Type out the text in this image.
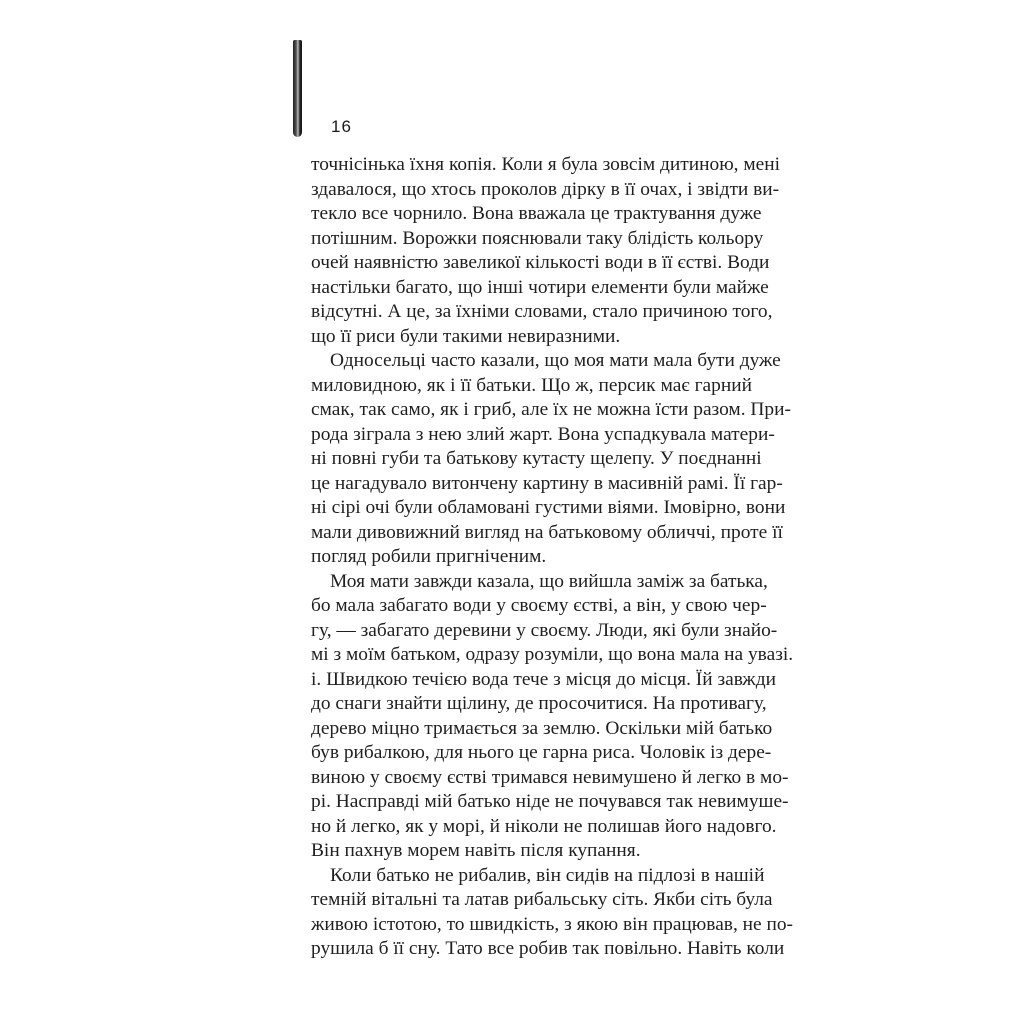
16
точнісінька їхня копія. Коли я була зовсім дитиною, мені
здавалося, що хтось проколов дірку в її очах, і звідти ви-
текло все чорнило. Вона вважала це трактування дуже
потішним. Ворожки пояснювали таку блідість кольору
очей наявністю завеликої кількості води в її єстві. Води
настільки багато, що інші чотири елементи були майже
відсутні. А це, за їхніми словами, стало причиною того,
що її риси були такими невиразними.
Односельці часто казали, що моя мати мала бути дуже
миловидною, як і її батьки. Що ж, персик має гарний
смак, так само, як і гриб, але їх не можна їсти разом. При-
рода зіграла з нею злий жарт. Вона успадкувала матери-
ні повні губи та батькову кутасту щелепу. У поєднанні
це нагадувало витончену картину в масивній рамі. Її гар-
ні сірі очі були обламовані густими віями. Імовірно, вони
мали дивовижний вигляд на батьковому обличчі, проте її
погляд робили пригніченим.
Моя мати завжди казала, що вийшла заміж за батька,
бо мала забагато води у своєму єстві, а він, у свою чер-
гу, — забагато деревини у своєму. Люди, які були знайо-
мі з моїм батьком, одразу розуміли, що вона мала на увазі.
і. Швидкою течією вода тече з місця до місця. Їй завжди
до снаги знайти щілину, де просочитися. На противагу,
дерево міцно тримається за землю. Оскільки мій батько
був рибалкою, для нього це гарна риса. Чоловік із дере-
виною у своєму єстві тримався невимушено й легко в мо-
рі. Насправді мій батько ніде не почувався так невимуше-
но й легко, як у морі, й ніколи не полишав його надовго.
Він пахнув морем навіть після купання.
Коли батько не рибалив, він сидів на підлозі в нашій
темній вітальні та латав рибальську сіть. Якби сіть була
живою істотою, то швидкість, з якою він працював, не по-
рушила б її сну. Тато все робив так повільно. Навіть коли
